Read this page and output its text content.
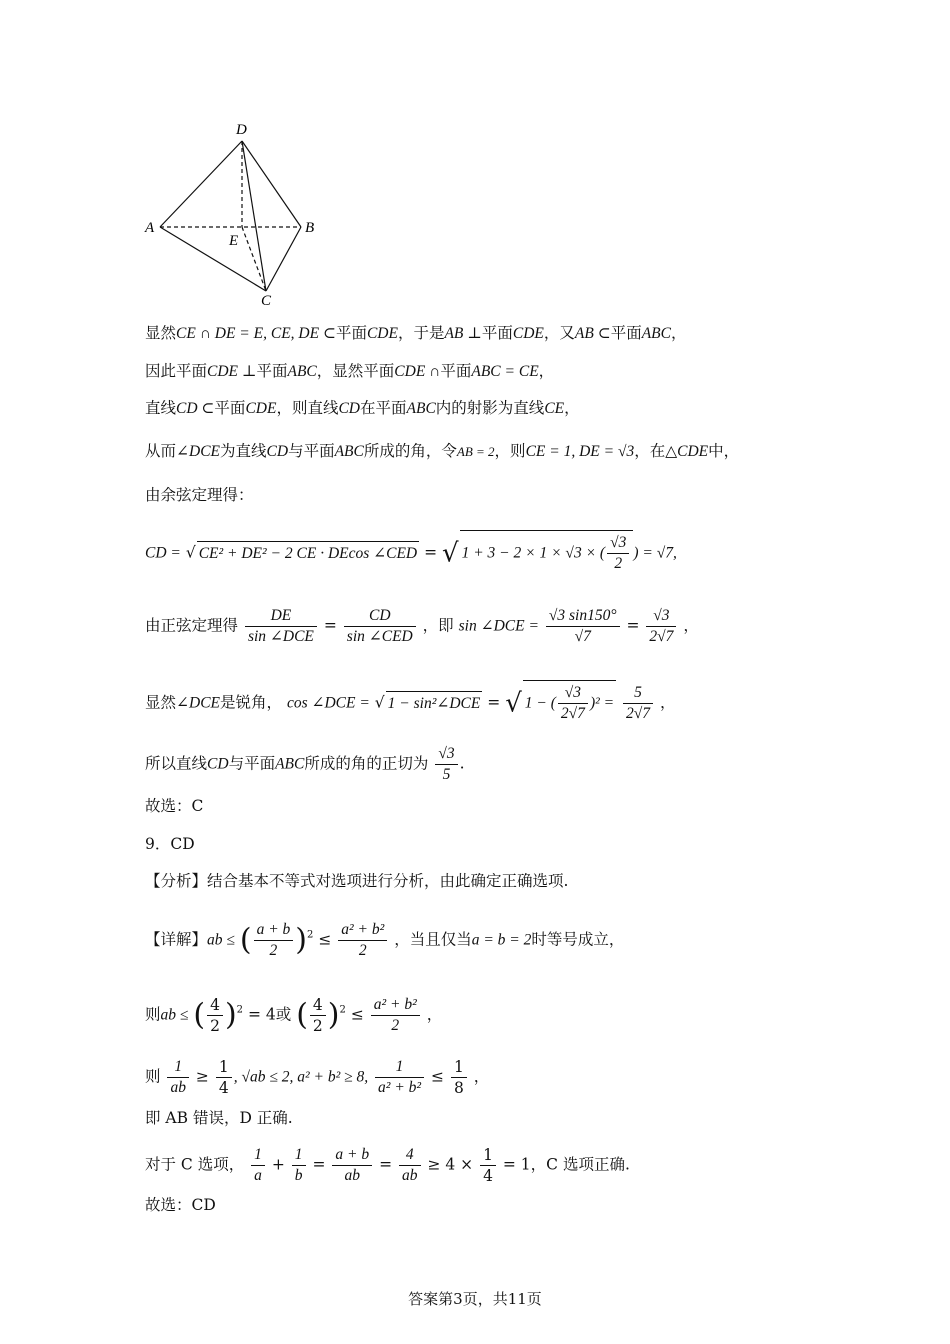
D
A	B
E
C
显然CE ∩ DE = E, CE, DE ⊂平面CDE，于是AB ⊥平面CDE，又AB ⊂平面ABC，
因此平面CDE ⊥平面ABC，显然平面CDE ∩平面ABC = CE，
直线CD ⊂平面CDE，则直线CD在平面ABC内的射影为直线CE，
从而∠DCE为直线CD与平面ABC所成的角，令AB = 2，则CE = 1, DE = √3，在△CDE中，
由余弦定理得：
CD = √ CE² + DE² − 2 CE · DEcos ∠CED = √ 1 + 3 − 2 × 1 × √3 × ( $\frac{√3}{2}$ ) = √7,
由正弦定理得 $\frac{DE}{\text{sin ∠DCE}} = \frac{CD}{\text{sin ∠CED}}$ ，即 sin ∠DCE = $\frac{√3 \sin 150^\circ}{√7} = \frac{√3}{2√7}$ ，
显然∠DCE是锐角， cos ∠DCE = √ 1 − sin²∠DCE = √ 1 − ( $\frac{√3}{2√7} )^2 = \frac{5}{2√7}$ ，
所以直线CD与平面ABC所成的角的正切为 $\frac{√3}{5}$ .
故选：C
9．CD
【分析】结合基本不等式对选项进行分析，由此确定正确选项.
【详解】ab ≤ ( $\frac{a + b}{2} )^2 \le \frac{\text{a² + b²}}{2}$ ，当且仅当a = b = 2时等号成立，
则ab ≤ ( $\frac{4}{2} )^2 = 4$或 ( $\frac{4}{2} )^2 \le \frac{\text{a² + b²}}{2}$ ，
则 $\frac{1}{ab} \ge \frac{1}{4}$ , √ab ≤ 2, a² + b² ≥ 8, $\frac{1}{\text{a² + b²}} \le \frac{1}{8}$ ，
即 AB 错误，D 正确.
对于 C 选项， $\frac{1}{a} + \frac{1}{b} = \frac{a + b}{ab} = \frac{4}{ab} \ge 4 \times \frac{1}{4} = 1$，C 选项正确.
故选：CD
答案第3页，共11页
